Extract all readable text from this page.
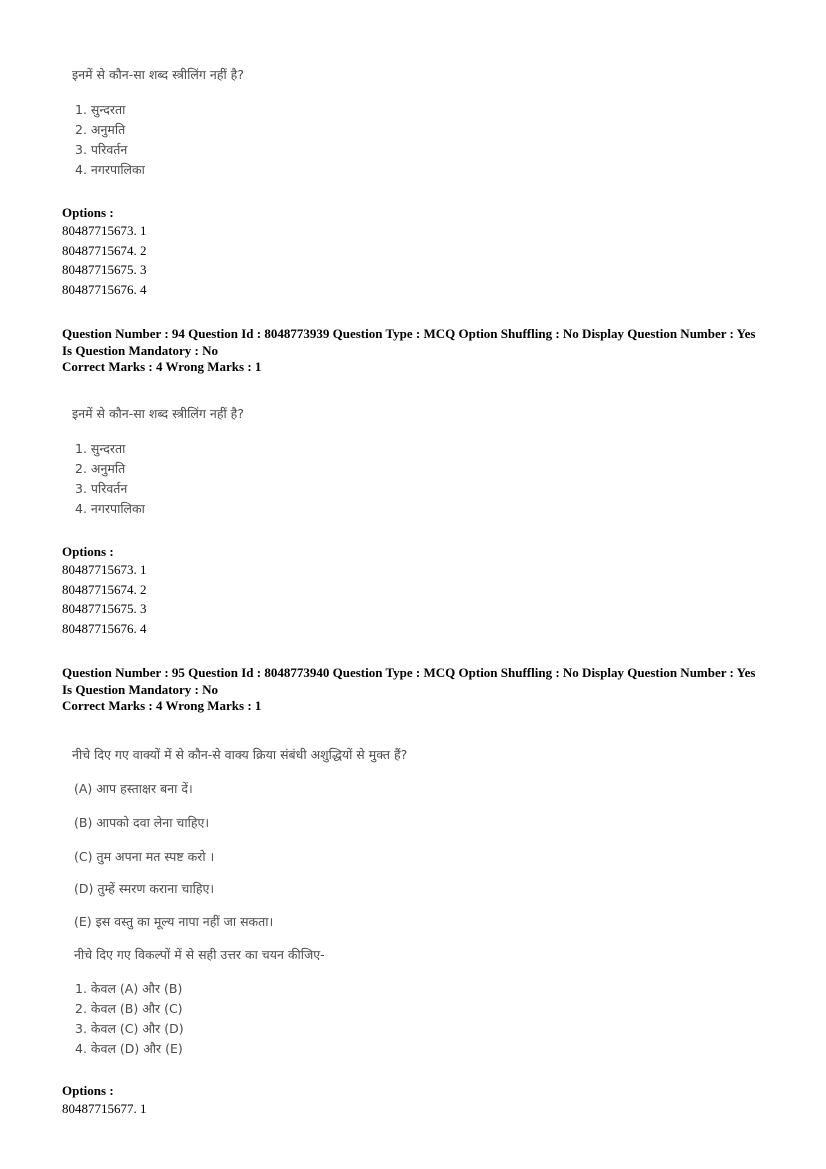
इनमें से कौन-सा शब्द स्त्रीलिंग नहीं है?
1. सुन्दरता
2. अनुमति
3. परिवर्तन
4. नगरपालिका
Options :
80487715673. 1
80487715674. 2
80487715675. 3
80487715676. 4
Question Number : 94 Question Id : 8048773939 Question Type : MCQ Option Shuffling : No Display Question Number : Yes
Is Question Mandatory : No
Correct Marks : 4 Wrong Marks : 1
इनमें से कौन-सा शब्द स्त्रीलिंग नहीं है?
1. सुन्दरता
2. अनुमति
3. परिवर्तन
4. नगरपालिका
Options :
80487715673. 1
80487715674. 2
80487715675. 3
80487715676. 4
Question Number : 95 Question Id : 8048773940 Question Type : MCQ Option Shuffling : No Display Question Number : Yes
Is Question Mandatory : No
Correct Marks : 4 Wrong Marks : 1
नीचे दिए गए वाक्यों में से कौन-से वाक्य क्रिया संबंधी अशुद्धियों से मुक्त हैं?
(A) आप हस्ताक्षर बना दें।
(B) आपको दवा लेना चाहिए।
(C) तुम अपना मत स्पष्ट करो ।
(D) तुम्हें स्मरण कराना चाहिए।
(E) इस वस्तु का मूल्य नापा नहीं जा सकता।
नीचे दिए गए विकल्पों में से सही उत्तर का चयन कीजिए-
1. केवल (A) और (B)
2. केवल (B) और (C)
3. केवल (C) और (D)
4. केवल (D) और (E)
Options :
80487715677. 1
